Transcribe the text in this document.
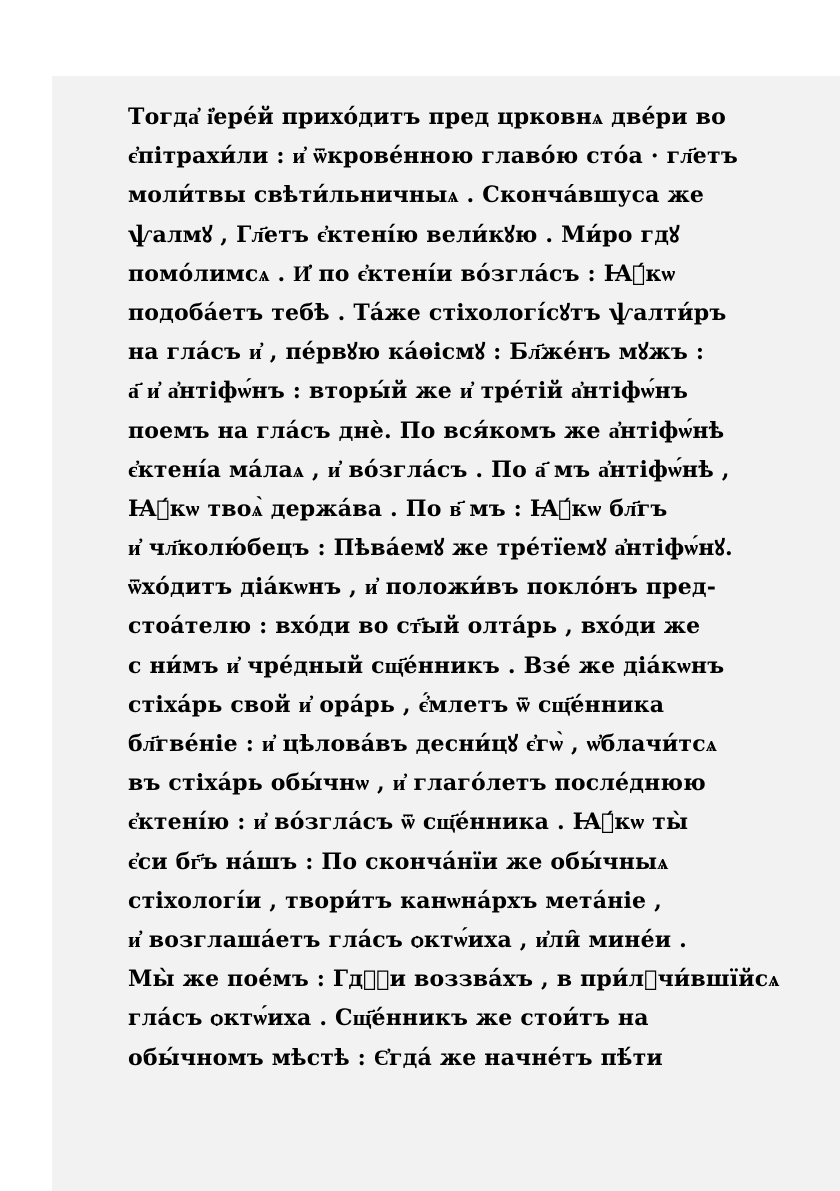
Тогда҆ і҆ере́й прихо́дитъ пред црковнѧ две́ри во
є҆пітрахи́ли : и҆ ѿкрове́нною главо́ю сто́а · гл҃етъ
моли́твы свѣти́льничныѧ . Скончáвшуса же
ѱалмꙋ , Гл҃етъ є҆ктені́ю вели́кꙋю . Ми́ро гдꙋ
помо́лимсѧ . И҆ по є҆ктені́и во́зглáсъ : Ꙗ҆́кѡ
подоба́етъ тебѣ . Та́же стіхологі́сꙋтъ ѱалти́ръ
на гла́съ и҆ , пе́рвꙋю ка́ѳісмꙋ : Бл҃же́нъ мꙋжъ :
а҃ и҆ а҆нтіфѡ́нъ : вторы́й же и҆ тре́тій а҆нтіфѡ́нъ
поемъ на гла́съ днѐ. По вся́комъ же а҆нтіфѡ́нѣ
є҆ктені́а ма́лаѧ , и҆ во́зглáсъ . По а҃ мъ а҆нтіфѡ́нѣ ,
Ꙗ҆́кѡ твоѧ̀ держа́ва . По в҃ мъ : Ꙗ҆́кѡ бл҃гъ
и҆ чл҃колю́бецъ : Пѣва́емꙋ же тре́тїемꙋ а҆нтіфѡ́нꙋ.
ѿхо́дитъ діа́кѡнъ , и҆ положи́въ покло́нъ пред-
стоа́телю : вхо́ди во ст҃ый олта́рь , вхо́ди же
с ни́мъ и҆ чре́дный сщ҃е́нникъ . Взе́ же діа́кѡнъ
стіха́рь свой и҆ ора́рь , є҆́млетъ ѿ сщ҃е́нника
бл҃гве́ніе : и҆ цѣлова́въ десни́цꙋ є҆гѡ̀ , ѡ҆блачи́тсѧ
въ стіха́рь обы́чнѡ , и҆ глаго́летъ после́днюю
є҆ктені́ю : и҆ во́зглáсъ ѿ сщ҃е́нника . Ꙗ҆́кѡ ты̀
є҆си бг҃ъ на́шъ : По сконча́нїи же обы́чныѧ
стіхологі́и , твори́тъ канѡна́рхъ мета́ніе ,
и҆ возглаша́етъ гла́съ ѻктѡ́иха , и҆ли̑ мине́и .
Мы̀ же пое́мъ : Гдⷭ҇и воззва́хъ , в при́лꙋчи́вшїйсѧ
гла́съ ѻктѡ́иха . Сщ҃е́нникъ же стои́тъ на
обы́чномъ мѣстѣ : Є҆гда́ же начне́тъ пѣ́ти
